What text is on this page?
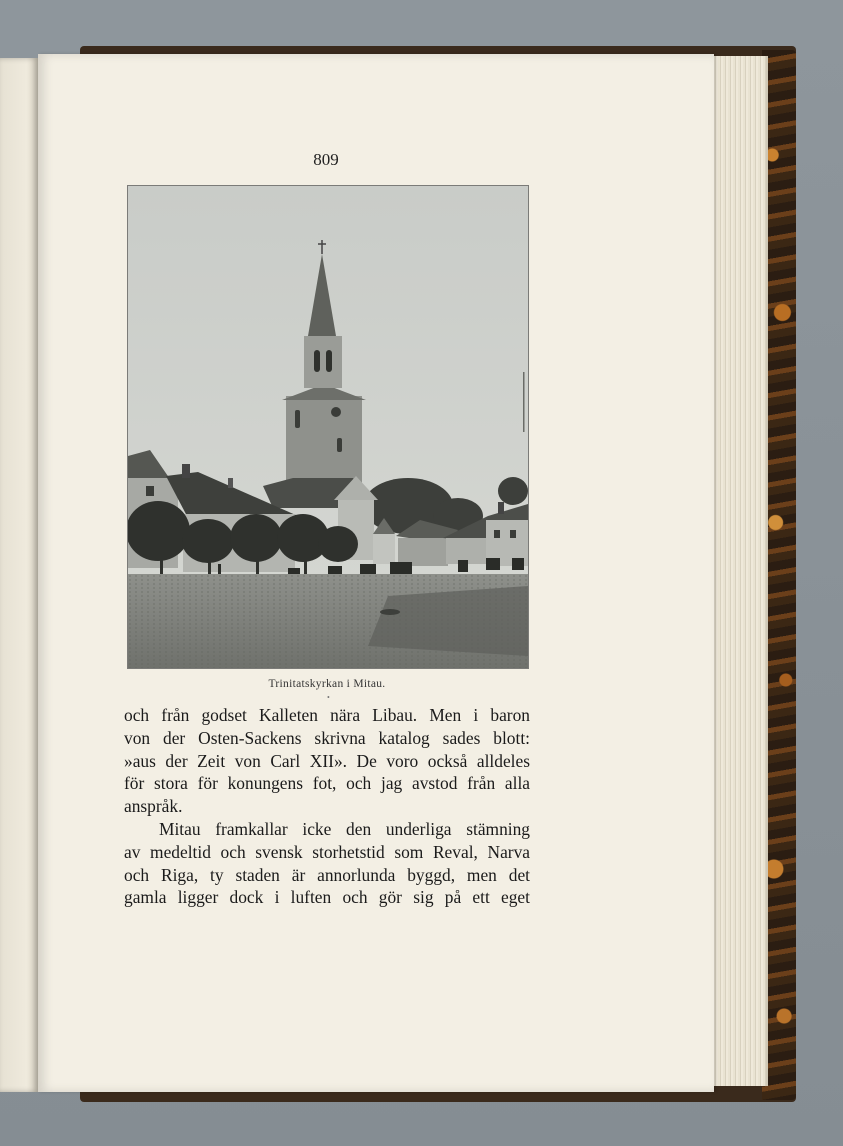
809
Trinitatskyrkan i Mitau.
•
och från godset Kalleten nära Libau. Men i baron
von der Osten-Sackens skrivna katalog sades blott:
»aus der Zeit von Carl XII». De voro också alldeles
för stora för konungens fot, och jag avstod från alla
anspråk.
Mitau framkallar icke den underliga stämning
av medeltid och svensk storhetstid som Reval, Narva
och Riga, ty staden är annorlunda byggd, men det
gamla ligger dock i luften och gör sig på ett eget
